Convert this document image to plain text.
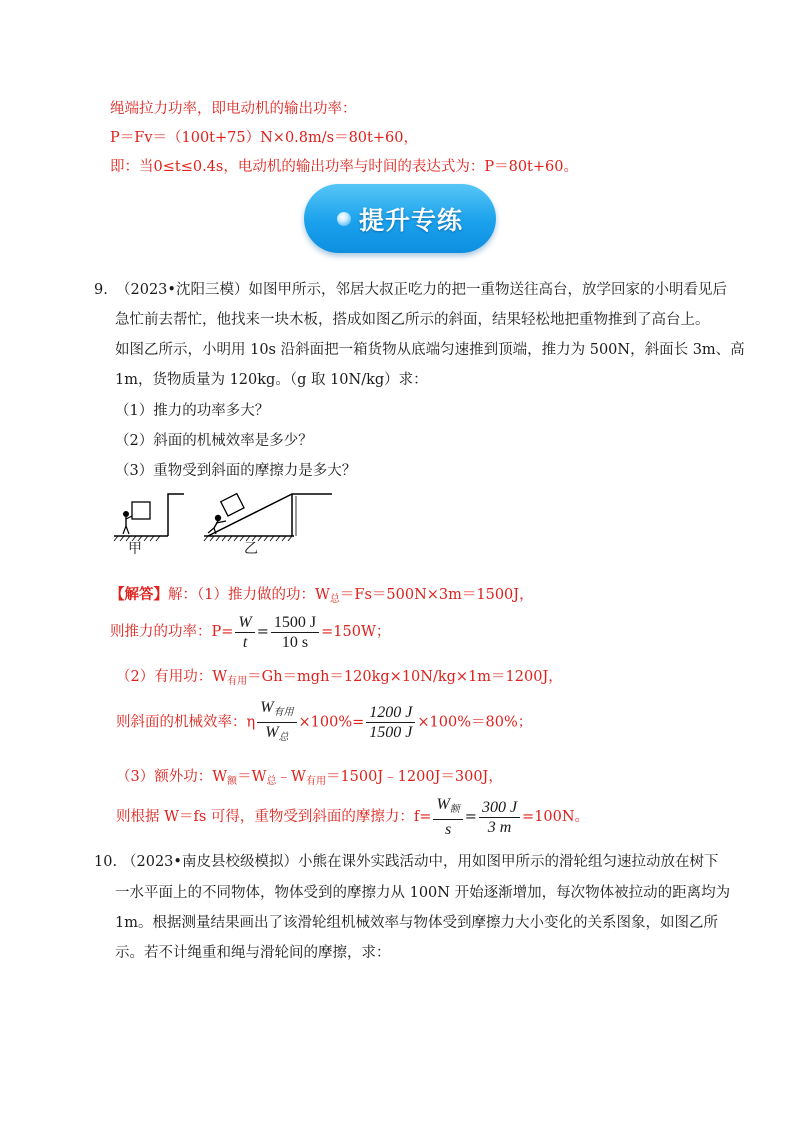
绳端拉力功率，即电动机的输出功率：
P＝Fv＝（100t+75）N×0.8m/s＝80t+60，
即：当0≤t≤0.4s，电动机的输出功率与时间的表达式为：P＝80t+60。
提升专练
9. （2023•沈阳三模）如图甲所示，邻居大叔正吃力的把一重物送往高台，放学回家的小明看见后
急忙前去帮忙，他找来一块木板，搭成如图乙所示的斜面，结果轻松地把重物推到了高台上。
如图乙所示，小明用 10s 沿斜面把一箱货物从底端匀速推到顶端，推力为 500N，斜面长 3m、高
1m，货物质量为 120kg。（g 取 10N/kg）求：
（1）推力的功率多大？
（2）斜面的机械效率是多少？
（3）重物受到斜面的摩擦力是多大？
甲	乙
【解答】解：（1）推力做的功：$W_总=Fs=500N\times 3m=1500J$，
则推力的功率：$P= \frac{W}{t} = \frac{1500 J}{10 s} =150W$；
（2）有用功：$W_{有用}=Gh=mgh=120kg\times 10N/kg\times 1m=1200J$，
则斜面的机械效率：η $\frac{W_{有用}}{W_总} \times 100\%= \frac{1200 J}{1500 J} \times 100\%=80\%$；
（3）额外功：$W_额=W_总﹣W_{有用}=1500J﹣1200J=300J$，
则根据 W＝fs 可得，重物受到斜面的摩擦力：$f= \frac{W_额}{s} = \frac{300 J}{3 m} =100N$。
10. （2023•南皮县校级模拟）小熊在课外实践活动中，用如图甲所示的滑轮组匀速拉动放在树下
一水平面上的不同物体，物体受到的摩擦力从 100N 开始逐渐增加，每次物体被拉动的距离均为
1m。根据测量结果画出了该滑轮组机械效率与物体受到摩擦力大小变化的关系图象，如图乙所
示。若不计绳重和绳与滑轮间的摩擦，求：
